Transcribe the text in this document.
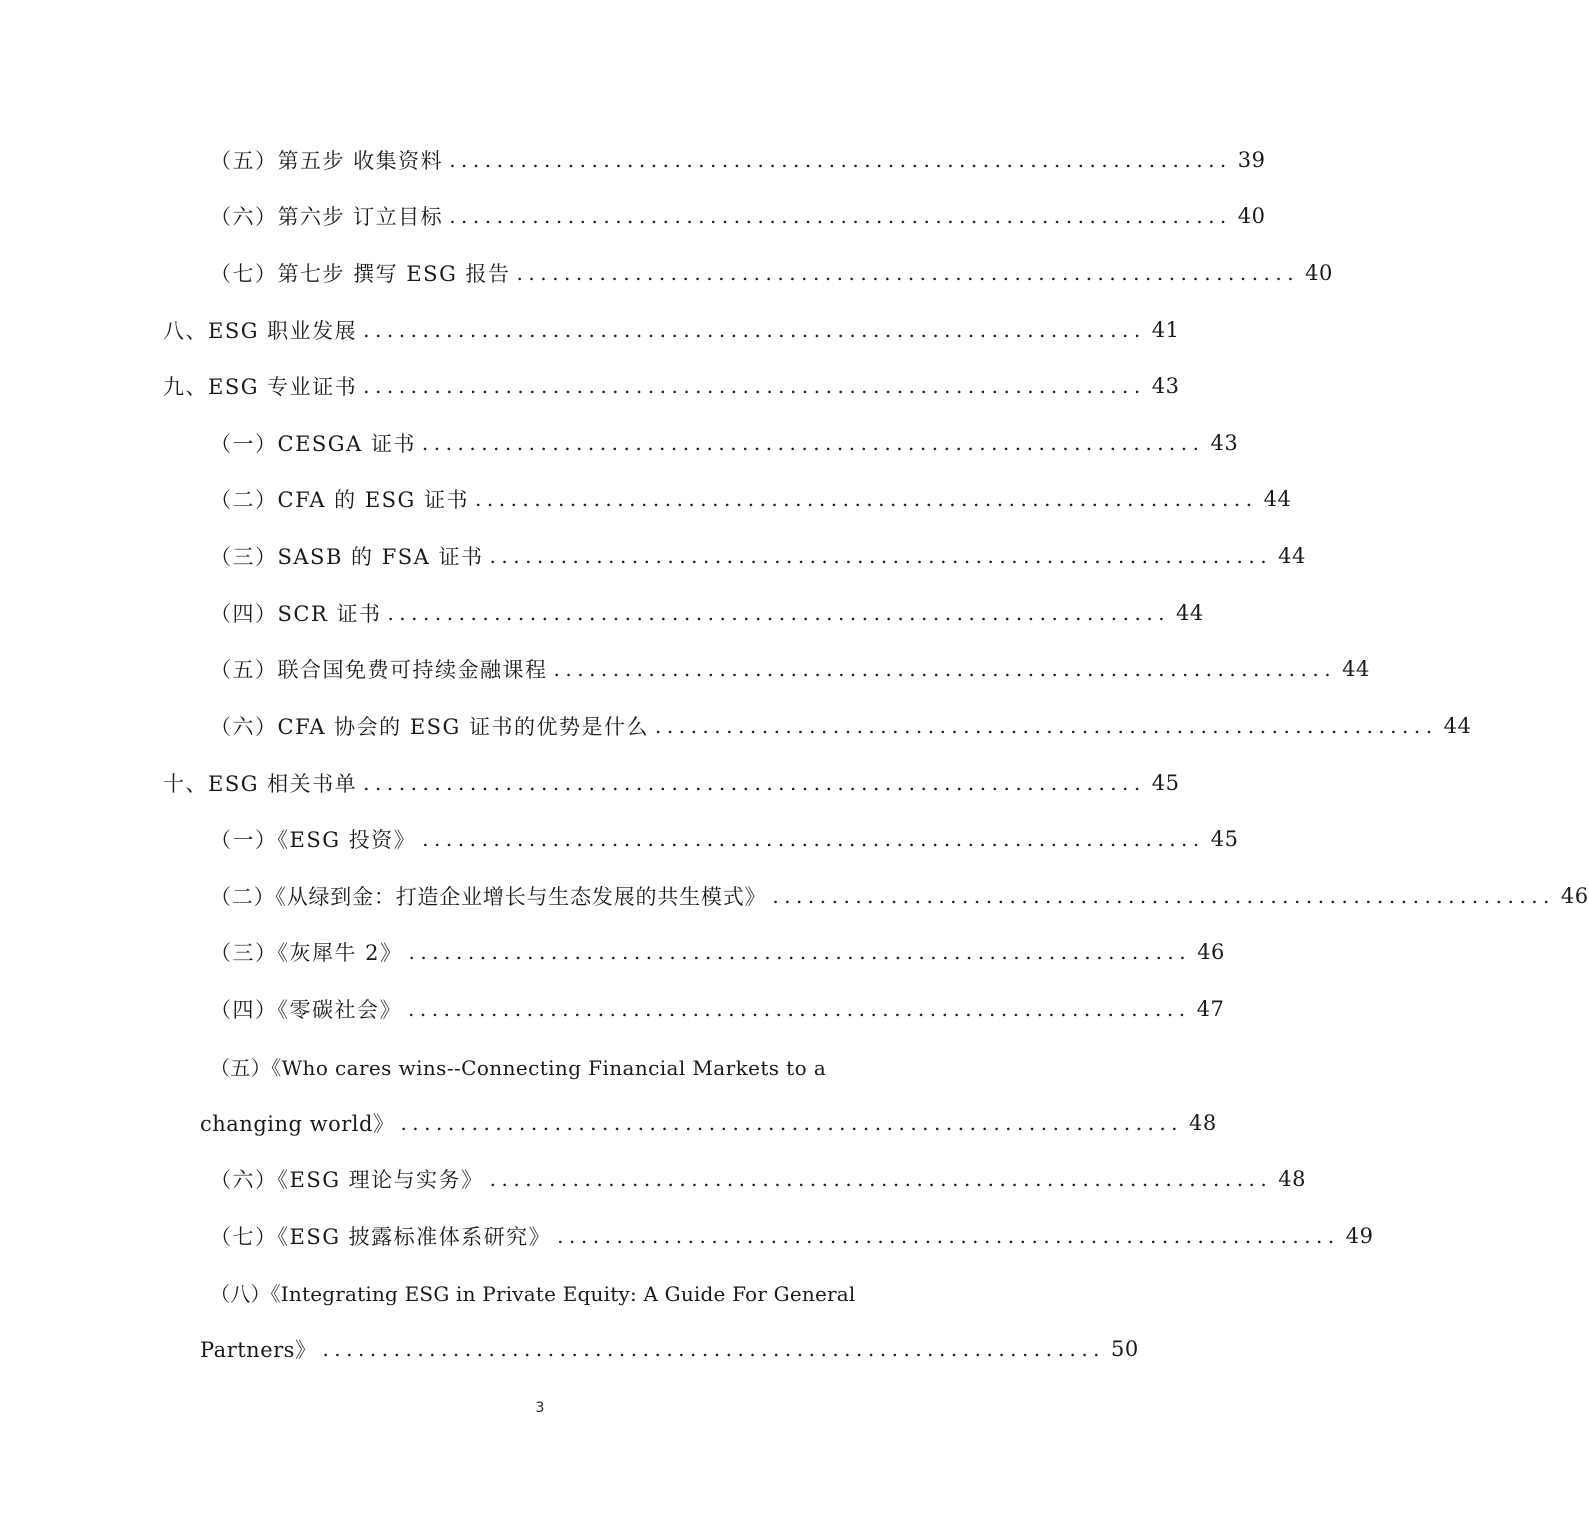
（五）第五步 收集资料 .................................................................. 39
（六）第六步 订立目标 .................................................................. 40
（七）第七步 撰写 ESG 报告 .................................................................. 40
八、ESG 职业发展 .................................................................. 41
九、ESG 专业证书 .................................................................. 43
（一）CESGA 证书 .................................................................. 43
（二）CFA 的 ESG 证书 .................................................................. 44
（三）SASB 的 FSA 证书 .................................................................. 44
（四）SCR 证书 .................................................................. 44
（五）联合国免费可持续金融课程 .................................................................. 44
（六）CFA 协会的 ESG 证书的优势是什么 .................................................................. 44
十、ESG 相关书单 .................................................................. 45
（一）《ESG 投资》 .................................................................. 45
（二）《从绿到金：打造企业增长与生态发展的共生模式》 .................................................................. 46
（三）《灰犀牛 2》 .................................................................. 46
（四）《零碳社会》 .................................................................. 47
（五）《Who cares wins--Connecting Financial Markets to a
changing world》 .................................................................. 48
（六）《ESG 理论与实务》 .................................................................. 48
（七）《ESG 披露标准体系研究》 .................................................................. 49
（八）《Integrating ESG in Private Equity: A Guide For General
Partners》 .................................................................. 50
3
